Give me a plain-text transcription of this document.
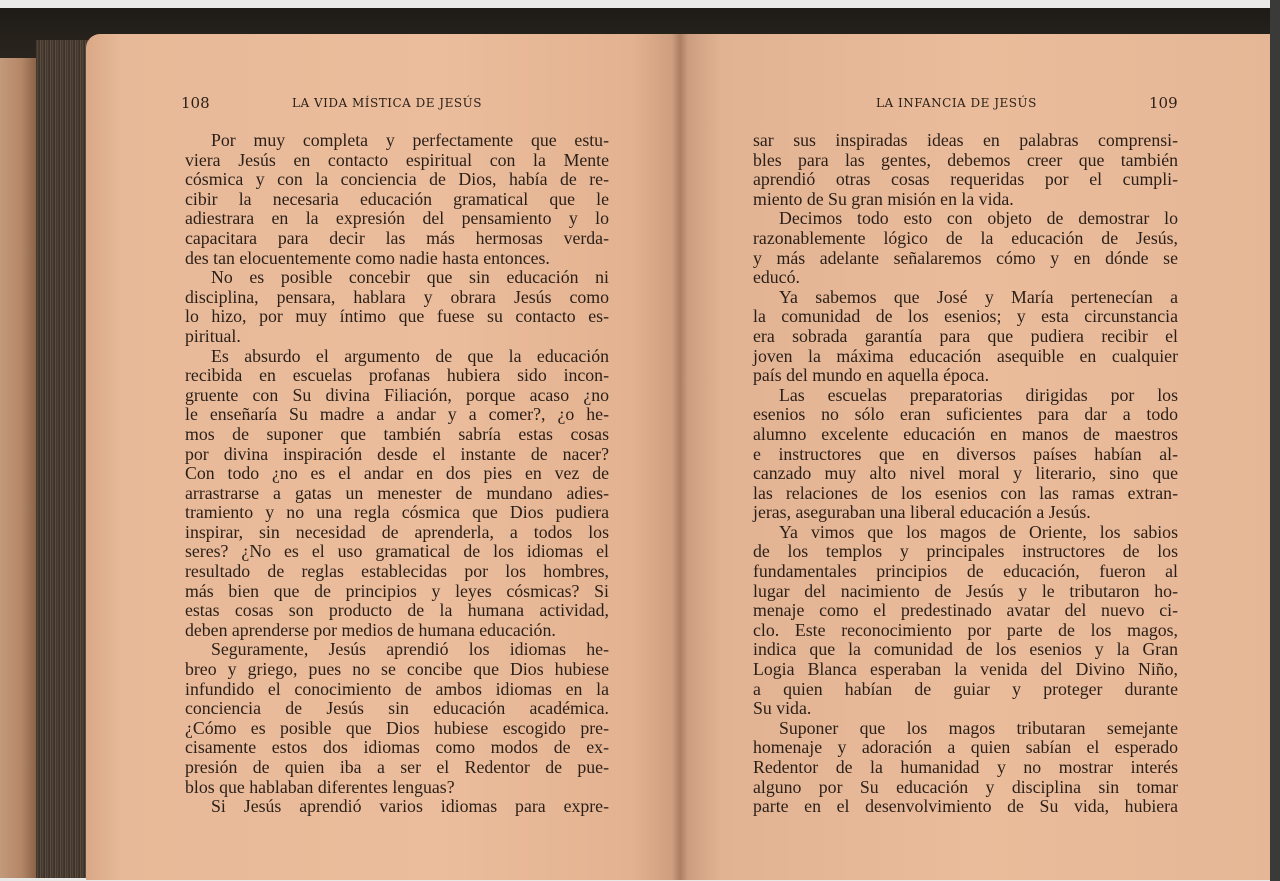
108	LA VIDA MÍSTICA DE JESÚS	LA INFANCIA DE JESÚS	109
Por muy completa y perfectamente que estu-
viera Jesús en contacto espiritual con la Mente
cósmica y con la conciencia de Dios, había de re-
cibir la necesaria educación gramatical que le
adiestrara en la expresión del pensamiento y lo
capacitara para decir las más hermosas verda-
des tan elocuentemente como nadie hasta entonces.
No es posible concebir que sin educación ni
disciplina, pensara, hablara y obrara Jesús como
lo hizo, por muy íntimo que fuese su contacto es-
piritual.
Es absurdo el argumento de que la educación
recibida en escuelas profanas hubiera sido incon-
gruente con Su divina Filiación, porque acaso ¿no
le enseñaría Su madre a andar y a comer?, ¿o he-
mos de suponer que también sabría estas cosas
por divina inspiración desde el instante de nacer?
Con todo ¿no es el andar en dos pies en vez de
arrastrarse a gatas un menester de mundano adies-
tramiento y no una regla cósmica que Dios pudiera
inspirar, sin necesidad de aprenderla, a todos los
seres? ¿No es el uso gramatical de los idiomas el
resultado de reglas establecidas por los hombres,
más bien que de principios y leyes cósmicas? Si
estas cosas son producto de la humana actividad,
deben aprenderse por medios de humana educación.
Seguramente, Jesús aprendió los idiomas he-
breo y griego, pues no se concibe que Dios hubiese
infundido el conocimiento de ambos idiomas en la
conciencia de Jesús sin educación académica.
¿Cómo es posible que Dios hubiese escogido pre-
cisamente estos dos idiomas como modos de ex-
presión de quien iba a ser el Redentor de pue-
blos que hablaban diferentes lenguas?
Si Jesús aprendió varios idiomas para expre-
sar sus inspiradas ideas en palabras comprensi-
bles para las gentes, debemos creer que también
aprendió otras cosas requeridas por el cumpli-
miento de Su gran misión en la vida.
Decimos todo esto con objeto de demostrar lo
razonablemente lógico de la educación de Jesús,
y más adelante señalaremos cómo y en dónde se
educó.
Ya sabemos que José y María pertenecían a
la comunidad de los esenios; y esta circunstancia
era sobrada garantía para que pudiera recibir el
joven la máxima educación asequible en cualquier
país del mundo en aquella época.
Las escuelas preparatorias dirigidas por los
esenios no sólo eran suficientes para dar a todo
alumno excelente educación en manos de maestros
e instructores que en diversos países habían al-
canzado muy alto nivel moral y literario, sino que
las relaciones de los esenios con las ramas extran-
jeras, aseguraban una liberal educación a Jesús.
Ya vimos que los magos de Oriente, los sabios
de los templos y principales instructores de los
fundamentales principios de educación, fueron al
lugar del nacimiento de Jesús y le tributaron ho-
menaje como el predestinado avatar del nuevo ci-
clo. Este reconocimiento por parte de los magos,
indica que la comunidad de los esenios y la Gran
Logia Blanca esperaban la venida del Divino Niño,
a quien habían de guiar y proteger durante
Su vida.
Suponer que los magos tributaran semejante
homenaje y adoración a quien sabían el esperado
Redentor de la humanidad y no mostrar interés
alguno por Su educación y disciplina sin tomar
parte en el desenvolvimiento de Su vida, hubiera
